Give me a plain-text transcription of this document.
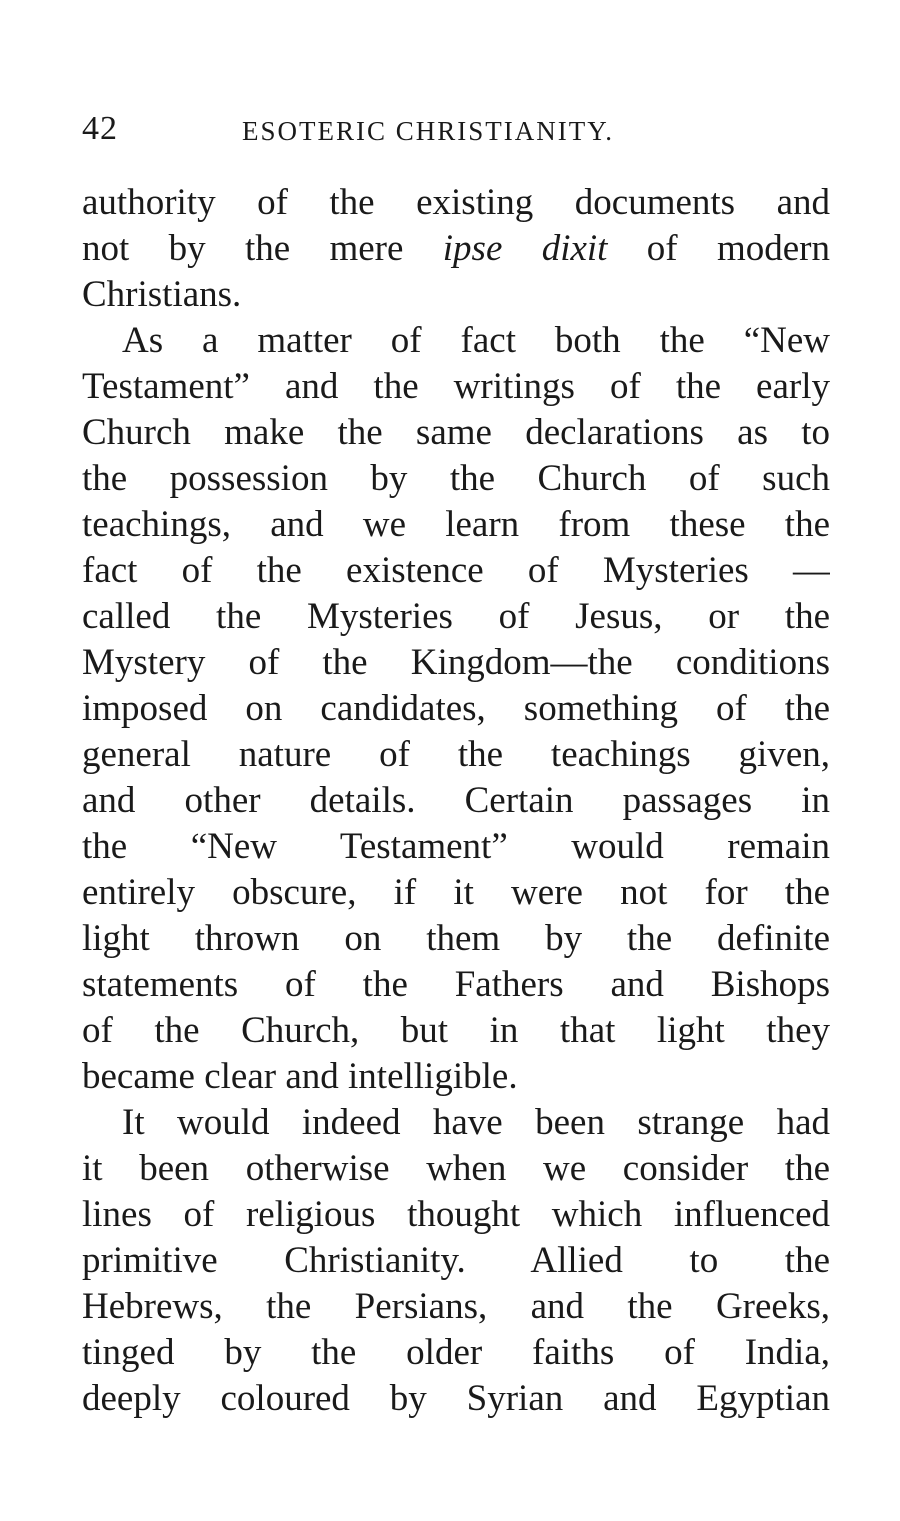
42	ESOTERIC CHRISTIANITY.
authority of the existing documents and
not by the mere ipse dixit of modern
Christians.
As a matter of fact both the “New
Testament” and the writings of the early
Church make the same declarations as to
the possession by the Church of such
teachings, and we learn from these the
fact of the existence of Mysteries —
called the Mysteries of Jesus, or the
Mystery of the Kingdom—the conditions
imposed on candidates, something of the
general nature of the teachings given,
and other details. Certain passages in
the “New Testament” would remain
entirely obscure, if it were not for the
light thrown on them by the definite
statements of the Fathers and Bishops
of the Church, but in that light they
became clear and intelligible.
It would indeed have been strange had
it been otherwise when we consider the
lines of religious thought which influenced
primitive Christianity. Allied to the
Hebrews, the Persians, and the Greeks,
tinged by the older faiths of India,
deeply coloured by Syrian and Egyptian
